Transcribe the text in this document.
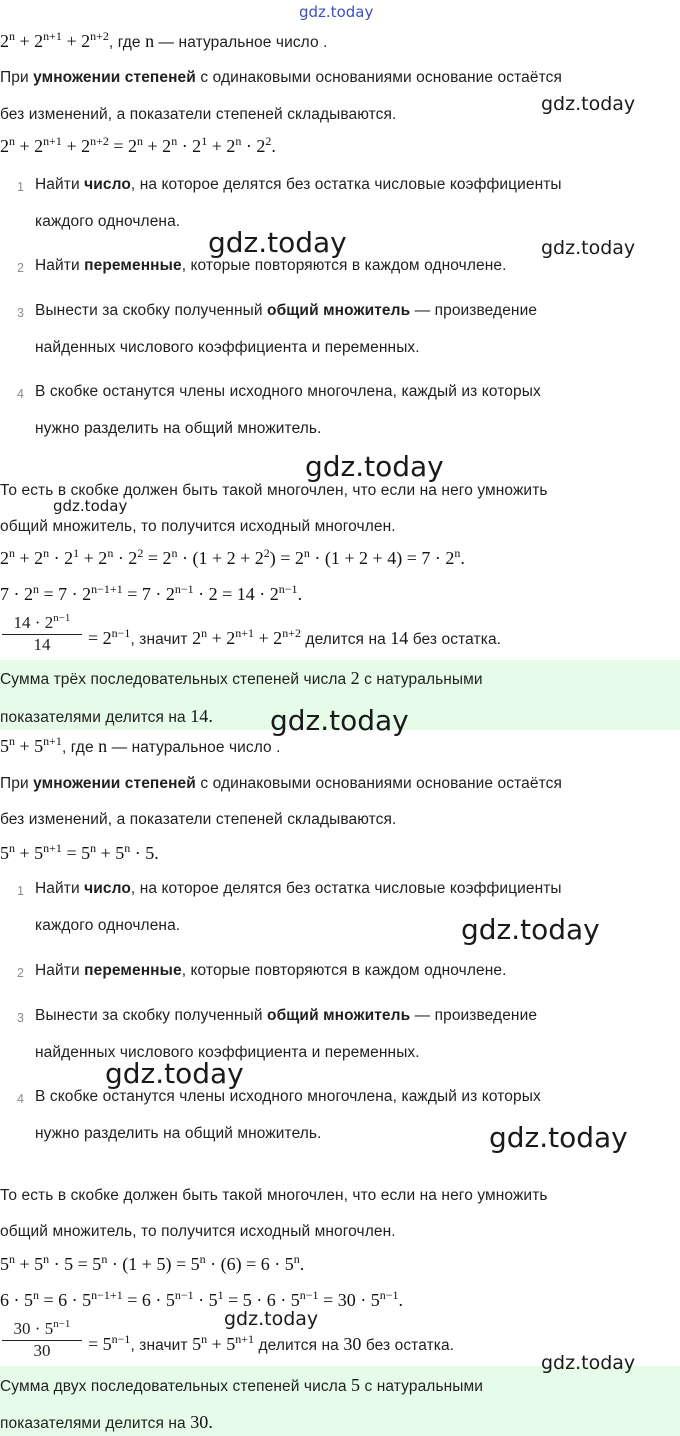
gdz.today
gdz.today
gdz.today	gdz.today
gdz.today
gdz.today
gdz.today
gdz.today
gdz.today
gdz.today
gdz.today
gdz.today
$2^n + 2^{n+1} + 2^{n+2}$, где n — натуральное число .
При умножении степеней с одинаковыми основаниями основание остаётся
без изменений, а показатели степеней складываются.
$2^n + 2^{n+1} + 2^{n+2} = 2^n + 2^n \cdot 2^1 + 2^n \cdot 2^2$.
1 Найти число, на которое делятся без остатка числовые коэффициенты
каждого одночлена.
2 Найти переменные, которые повторяются в каждом одночлене.
3 Вынести за скобку полученный общий множитель — произведение
найденных числового коэффициента и переменных.
4 В скобке останутся члены исходного многочлена, каждый из которых
нужно разделить на общий множитель.
То есть в скобке должен быть такой многочлен, что если на него умножить
общий множитель, то получится исходный многочлен.
$2^n + 2^n \cdot 2^1 + 2^n \cdot 2^2 = 2^n \cdot (1 + 2 + 2^2) = 2^n \cdot (1 + 2 + 4) = 7 \cdot 2^n$.
$7 \cdot 2^n = 7 \cdot 2^{n-1+1} = 7 \cdot 2^{n-1} \cdot 2 = 14 \cdot 2^{n-1}$.
$\frac{14 \cdot 2^{n-1}}{14} = 2^{n-1}$, значит $2^n + 2^{n+1} + 2^{n+2}$ делится на 14 без остатка.
Сумма трёх последовательных степеней числа 2 с натуральными
показателями делится на 14.
$5^n + 5^{n+1}$, где n — натуральное число .
При умножении степеней с одинаковыми основаниями основание остаётся
без изменений, а показатели степеней складываются.
$5^n + 5^{n+1} = 5^n + 5^n \cdot 5$.
1 Найти число, на которое делятся без остатка числовые коэффициенты
каждого одночлена.
2 Найти переменные, которые повторяются в каждом одночлене.
3 Вынести за скобку полученный общий множитель — произведение
найденных числового коэффициента и переменных.
4 В скобке останутся члены исходного многочлена, каждый из которых
нужно разделить на общий множитель.
То есть в скобке должен быть такой многочлен, что если на него умножить
общий множитель, то получится исходный многочлен.
$5^n + 5^n \cdot 5 = 5^n \cdot (1 + 5) = 5^n \cdot (6) = 6 \cdot 5^n$.
$6 \cdot 5^n = 6 \cdot 5^{n-1+1} = 6 \cdot 5^{n-1} \cdot 5^1 = 5 \cdot 6 \cdot 5^{n-1} = 30 \cdot 5^{n-1}$.
$\frac{30 \cdot 5^{n-1}}{30} = 5^{n-1}$, значит $5^n + 5^{n+1}$ делится на 30 без остатка.
Сумма двух последовательных степеней числа 5 с натуральными
показателями делится на 30.
